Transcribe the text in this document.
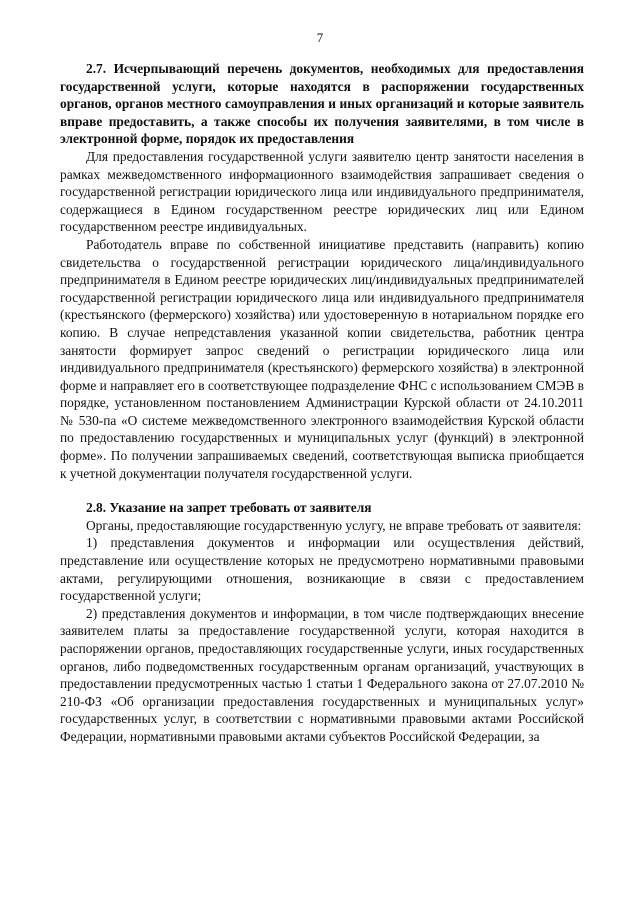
7

2.7. Исчерпывающий перечень документов, необходимых для предоставления государственной услуги, которые находятся в распоряжении государственных органов, органов местного самоуправления и иных организаций и которые заявитель вправе предоставить, а также способы их получения заявителями, в том числе в электронной форме, порядок их предоставления

Для предоставления государственной услуги заявителю центр занятости населения в рамках межведомственного информационного взаимодействия запрашивает сведения о государственной регистрации юридического лица или индивидуального предпринимателя, содержащиеся в Едином государственном реестре юридических лиц или Едином государственном реестре индивидуальных.

Работодатель вправе по собственной инициативе представить (направить) копию свидетельства о государственной регистрации юридического лица/индивидуального предпринимателя в Едином реестре юридических лиц/индивидуальных предпринимателей государственной регистрации юридического лица или индивидуального предпринимателя (крестьянского (фермерского) хозяйства) или удостоверенную в нотариальном порядке его копию. В случае непредставления указанной копии свидетельства, работник центра занятости формирует запрос сведений о регистрации юридического лица или индивидуального предпринимателя (крестьянского) фермерского хозяйства) в электронной форме и направляет его в соответствующее подразделение ФНС с использованием СМЭВ в порядке, установленном постановлением Администрации Курской области от 24.10.2011 № 530-па «О системе межведомственного электронного взаимодействия Курской области по предоставлению государственных и муниципальных услуг (функций) в электронной форме». По получении запрашиваемых сведений, соответствующая выписка приобщается к учетной документации получателя государственной услуги.

2.8. Указание на запрет требовать от заявителя

Органы, предоставляющие государственную услугу, не вправе требовать от заявителя:

1) представления документов и информации или осуществления действий, представление или осуществление которых не предусмотрено нормативными правовыми актами, регулирующими отношения, возникающие в связи с предоставлением государственной услуги;

2) представления документов и информации, в том числе подтверждающих внесение заявителем платы за предоставление государственной услуги, которая находится в распоряжении органов, предоставляющих государственные услуги, иных государственных органов, либо подведомственных государственным органам организаций, участвующих в предоставлении предусмотренных частью 1 статьи 1 Федерального закона от 27.07.2010 № 210-ФЗ «Об организации предоставления государственных и муниципальных услуг» государственных услуг, в соответствии с нормативными правовыми актами Российской Федерации, нормативными правовыми актами субъектов Российской Федерации, за
